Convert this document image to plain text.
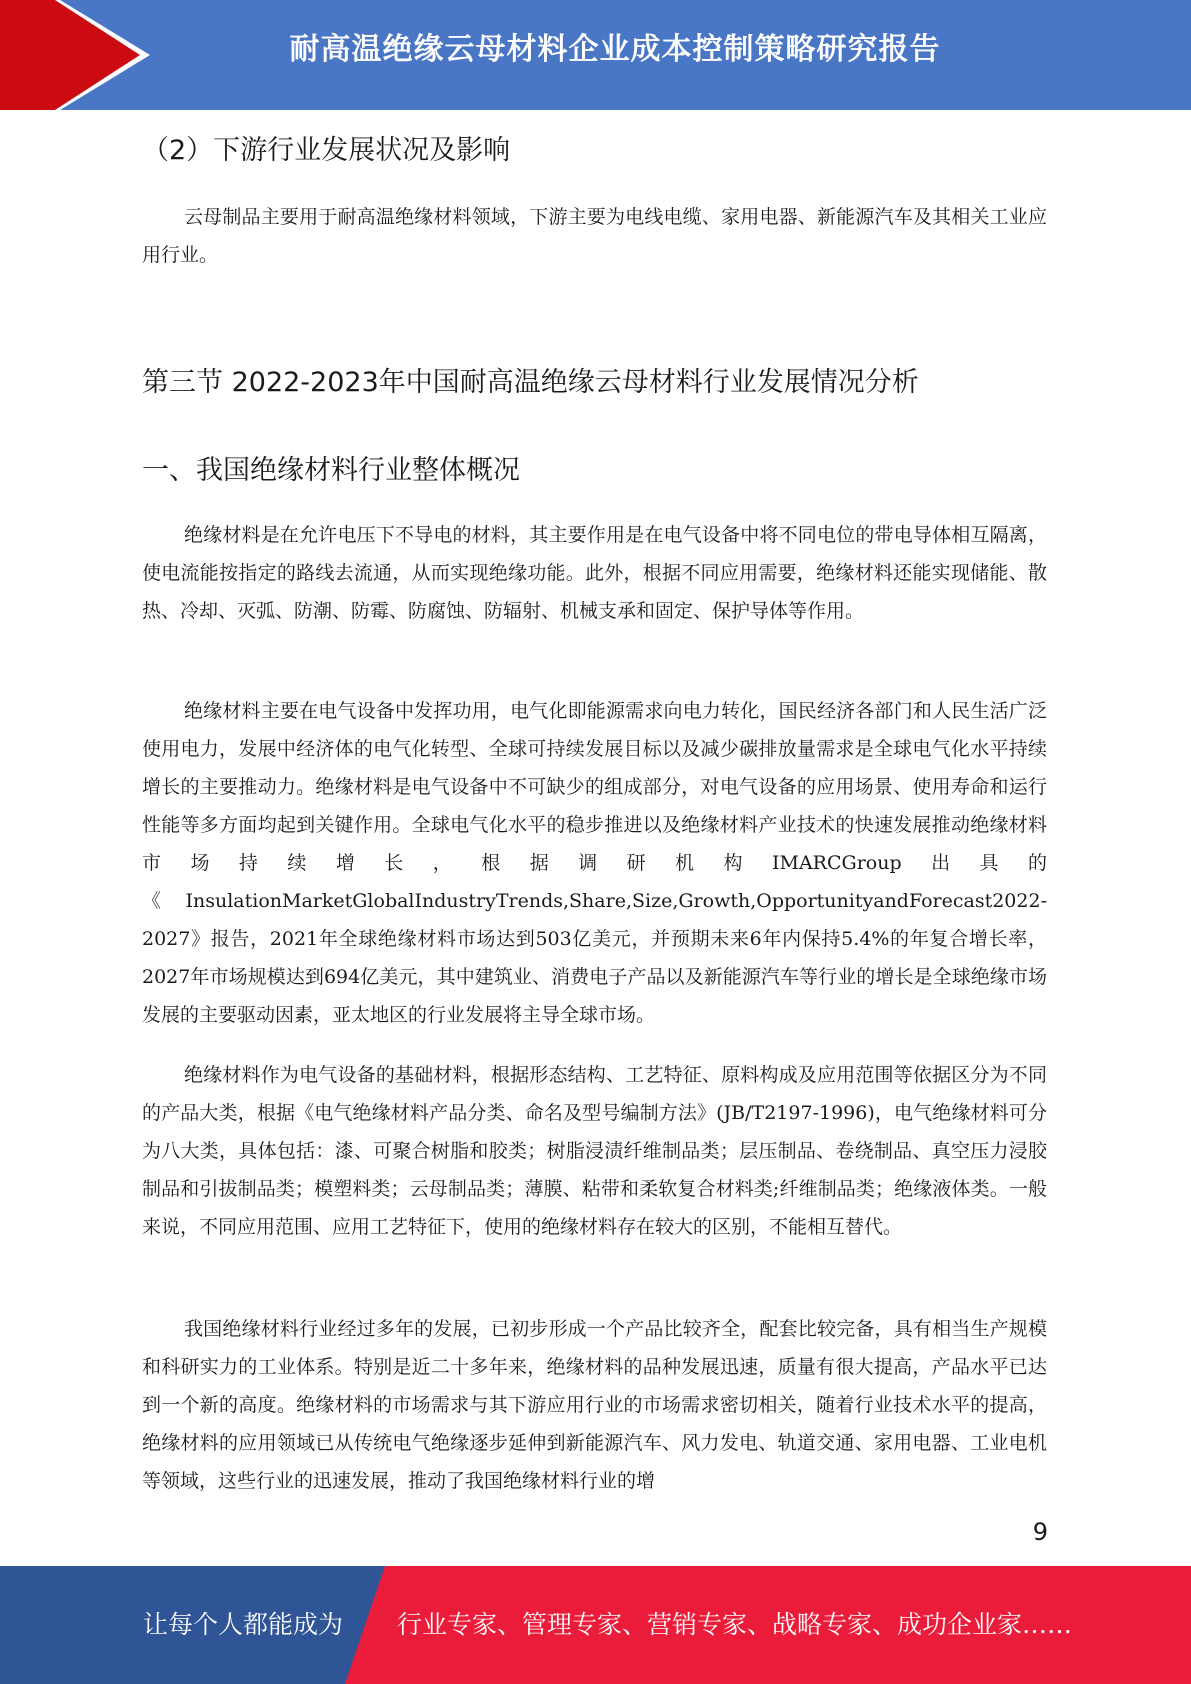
耐高温绝缘云母材料企业成本控制策略研究报告
（2）下游行业发展状况及影响

云母制品主要用于耐高温绝缘材料领域，下游主要为电线电缆、家用电器、新能源汽车及其相关工业应用行业。

第三节 2022-2023年中国耐高温绝缘云母材料行业发展情况分析
一、我国绝缘材料行业整体概况

绝缘材料是在允许电压下不导电的材料，其主要作用是在电气设备中将不同电位的带电导体相互隔离，使电流能按指定的路线去流通，从而实现绝缘功能。此外，根据不同应用需要，绝缘材料还能实现储能、散热、冷却、灭弧、防潮、防霉、防腐蚀、防辐射、机械支承和固定、保护导体等作用。

绝缘材料主要在电气设备中发挥功用，电气化即能源需求向电力转化，国民经济各部门和人民生活广泛使用电力，发展中经济体的电气化转型、全球可持续发展目标以及减少碳排放量需求是全球电气化水平持续增长的主要推动力。绝缘材料是电气设备中不可缺少的组成部分，对电气设备的应用场景、使用寿命和运行性能等多方面均起到关键作用。全球电气化水平的稳步推进以及绝缘材料产业技术的快速发展推动绝缘材料市场持续增长，根据调研机构IMARCGroup出具的《InsulationMarketGlobalIndustryTrends,Share,Size,Growth,OpportunityandForecast2022-2027》报告，2021年全球绝缘材料市场达到503亿美元，并预期未来6年内保持5.4%的年复合增长率，2027年市场规模达到694亿美元，其中建筑业、消费电子产品以及新能源汽车等行业的增长是全球绝缘市场发展的主要驱动因素，亚太地区的行业发展将主导全球市场。

绝缘材料作为电气设备的基础材料，根据形态结构、工艺特征、原料构成及应用范围等依据区分为不同的产品大类，根据《电气绝缘材料产品分类、命名及型号编制方法》(JB/T2197-1996)，电气绝缘材料可分为八大类，具体包括：漆、可聚合树脂和胶类；树脂浸渍纤维制品类；层压制品、卷绕制品、真空压力浸胶制品和引拔制品类；模塑料类；云母制品类；薄膜、粘带和柔软复合材料类;纤维制品类；绝缘液体类。一般来说，不同应用范围、应用工艺特征下，使用的绝缘材料存在较大的区别，不能相互替代。

我国绝缘材料行业经过多年的发展，已初步形成一个产品比较齐全，配套比较完备，具有相当生产规模和科研实力的工业体系。特别是近二十多年来，绝缘材料的品种发展迅速，质量有很大提高，产品水平已达到一个新的高度。绝缘材料的市场需求与其下游应用行业的市场需求密切相关，随着行业技术水平的提高，绝缘材料的应用领域已从传统电气绝缘逐步延伸到新能源汽车、风力发电、轨道交通、家用电器、工业电机等领域，这些行业的迅速发展，推动了我国绝缘材料行业的增

9
让每个人都能成为 行业专家、管理专家、营销专家、战略专家、成功企业家……
